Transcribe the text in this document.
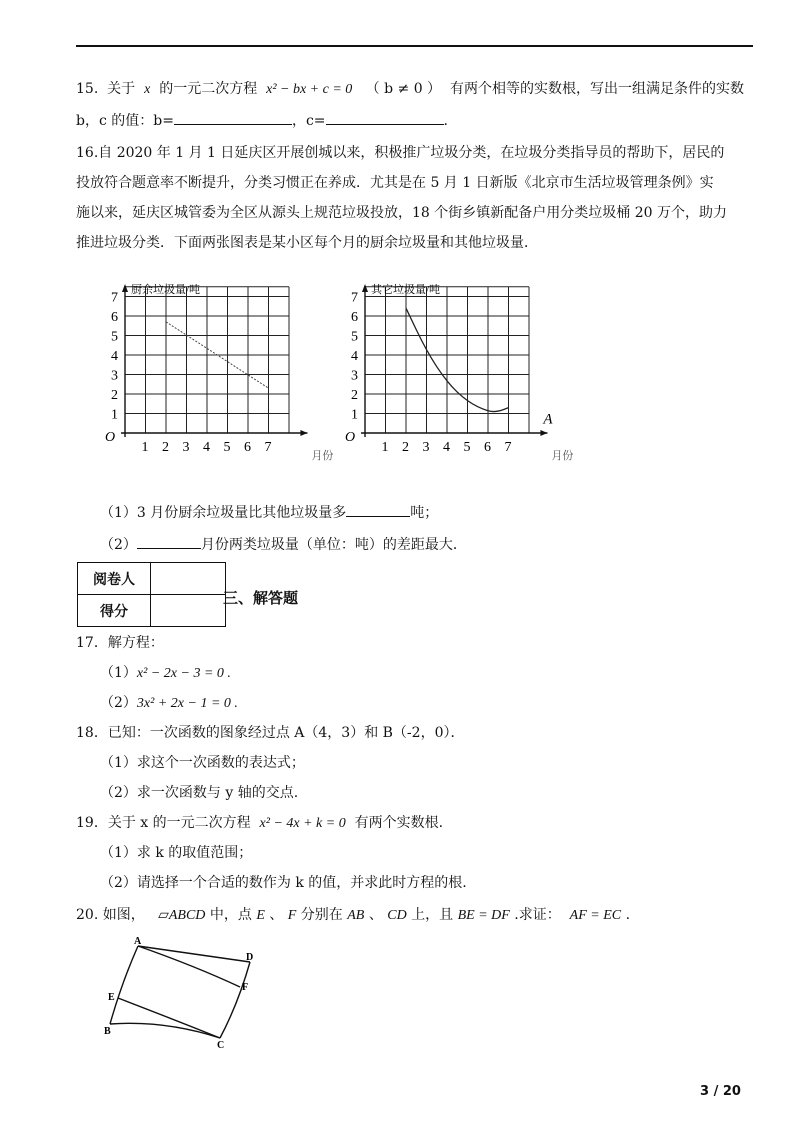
15. 关于 x 的一元二次方程 x² − bx + c = 0 （ b ≠ 0 ） 有两个相等的实数根，写出一组满足条件的实数
b，c 的值：b=	，c=	.
16.自 2020 年 1 月 1 日延庆区开展创城以来，积极推广垃圾分类，在垃圾分类指导员的帮助下，居民的
投放符合题意率不断提升，分类习惯正在养成．尤其是在 5 月 1 日新版《北京市生活垃圾管理条例》实
施以来，延庆区城管委为全区从源头上规范垃圾投放，18 个街乡镇新配备户用分类垃圾桶 20 万个，助力
推进垃圾分类．下面两张图表是某小区每个月的厨余垃圾量和其他垃圾量．
厨余垃圾量/吨
月份
O
1 2 3 4 5 6 7
1
2
3
4
5
6
7
其它垃圾量/吨
月份
O
1 2 3 4 5 6 7
1
2
3
4
5
6
7
A
（1）3 月份厨余垃圾量比其他垃圾量多	吨；
（2）	月份两类垃圾量（单位：吨）的差距最大．
阅卷人	
得分	
三、解答题
17．解方程：
（1）x² − 2x − 3 = 0 .
（2）3x² + 2x − 1 = 0 .
18．已知：一次函数的图象经过点 A（4，3）和 B（-2，0）．
（1）求这个一次函数的表达式；
（2）求一次函数与 y 轴的交点.
19．关于 x 的一元二次方程 x² − 4x + k = 0 有两个实数根.
（1）求 k 的取值范围；
（2）请选择一个合适的数作为 k 的值，并求此时方程的根.
20. 如图， ▱ABCD 中，点 E 、 F 分别在 AB 、 CD 上，且 BE = DF .求证： AF = EC .
A
D
F
E
B
C
3 / 20
